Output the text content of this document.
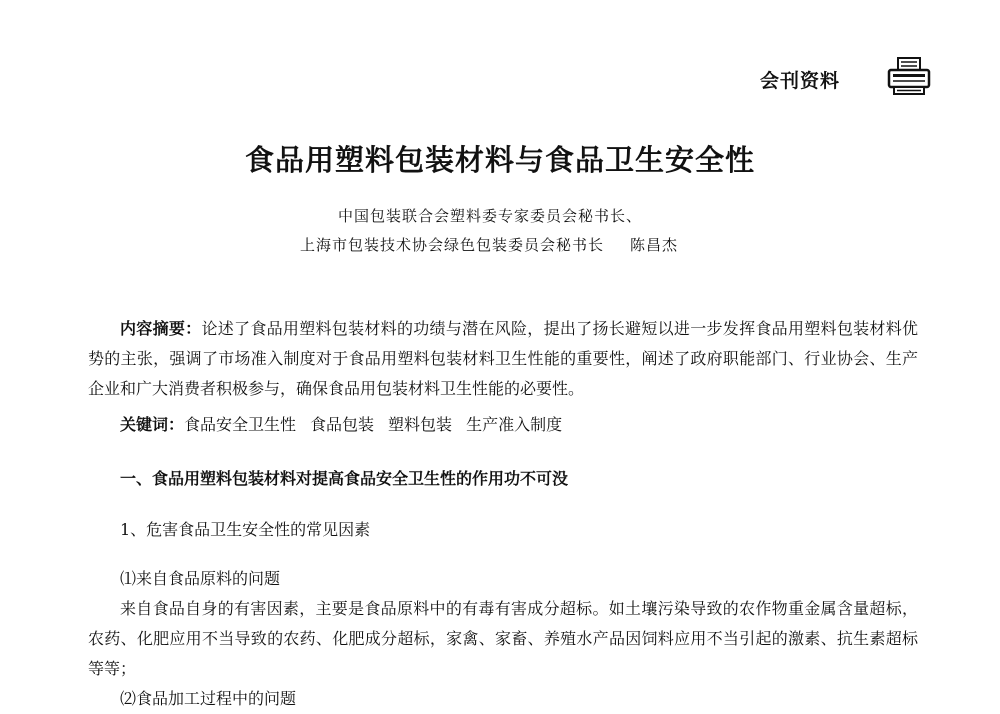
会刊资料
食品用塑料包装材料与食品卫生安全性
中国包装联合会塑料委专家委员会秘书长、
上海市包装技术协会绿色包装委员会秘书长 陈昌杰

内容摘要：论述了食品用塑料包装材料的功绩与潜在风险，提出了扬长避短以进一步发挥食品用塑料包装材料优势的主张，强调了市场准入制度对于食品用塑料包装材料卫生性能的重要性，阐述了政府职能部门、行业协会、生产企业和广大消费者积极参与，确保食品用包装材料卫生性能的必要性。

关键词：食品安全卫生性 食品包装 塑料包装 生产准入制度
一、食品用塑料包装材料对提高食品安全卫生性的作用功不可没
1、危害食品卫生安全性的常见因素
⑴来自食品原料的问题

来自食品自身的有害因素，主要是食品原料中的有毒有害成分超标。如土壤污染导致的农作物重金属含量超标，农药、化肥应用不当导致的农药、化肥成分超标，家禽、家畜、养殖水产品因饲料应用不当引起的激素、抗生素超标等等；

⑵食品加工过程中的问题
